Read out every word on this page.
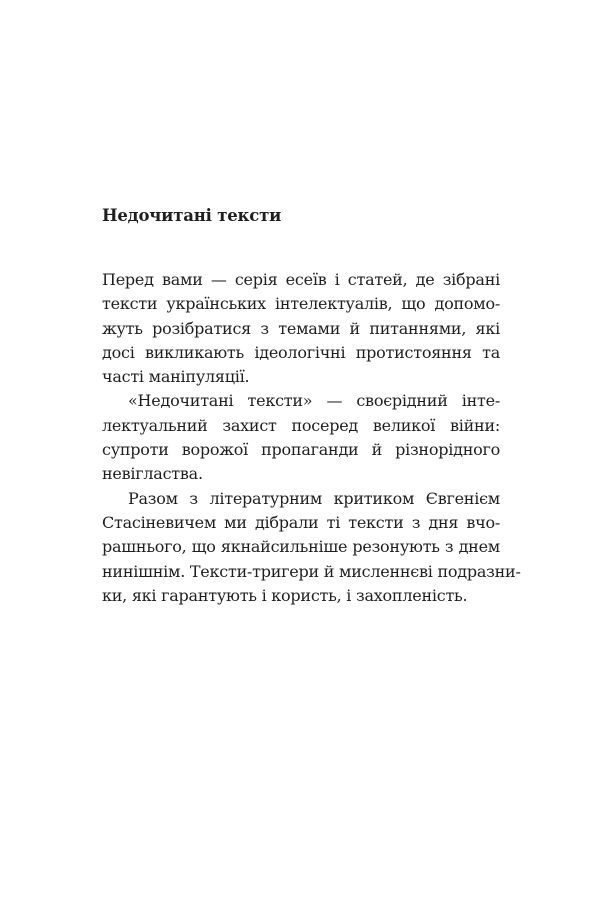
Недочитані тексти
Перед вами — серія есеїв і статей, де зібрані
тексти українських інтелектуалів, що допомо-
жуть розібратися з темами й питаннями, які
досі викликають ідеологічні протистояння та
часті маніпуляції.
«Недочитані тексти» — своєрідний інте-
лектуальний захист посеред великої війни:
супроти ворожої пропаганди й різнорідного
невігластва.
Разом з літературним критиком Євгенієм
Стасіневичем ми дібрали ті тексти з дня вчо-
рашнього, що якнайсильніше резонують з днем
нинішнім. Тексти-тригери й мисленнєві подразни-
ки, які гарантують і користь, і захопленість.
